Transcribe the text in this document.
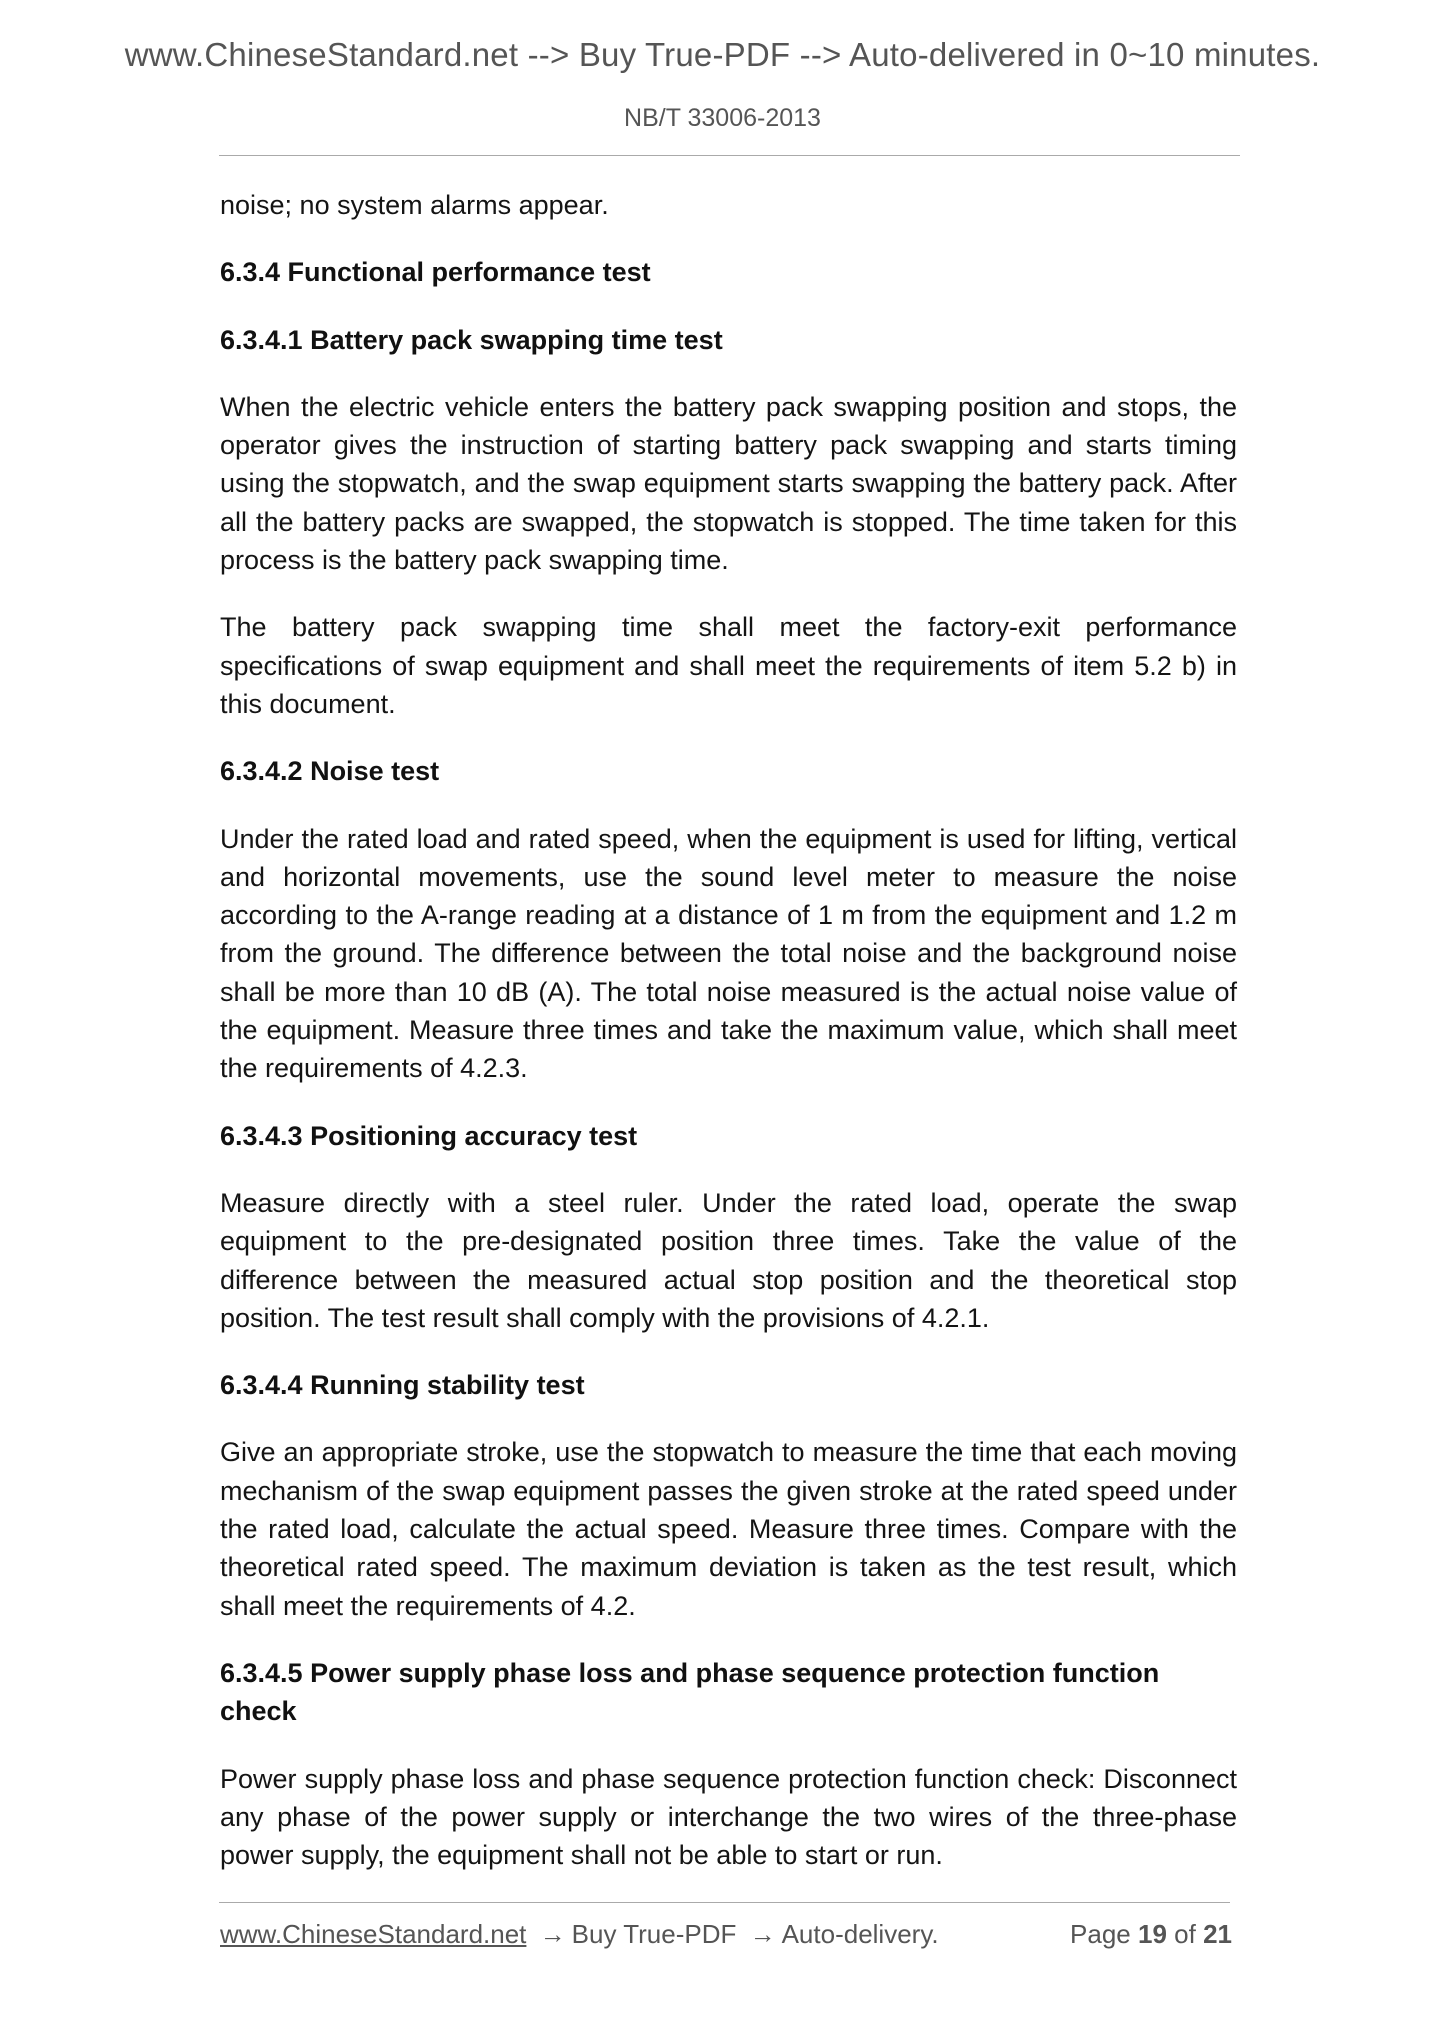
www.ChineseStandard.net --> Buy True-PDF --> Auto-delivered in 0~10 minutes.
NB/T 33006-2013

noise; no system alarms appear.

6.3.4 Functional performance test
6.3.4.1 Battery pack swapping time test

When the electric vehicle enters the battery pack swapping position and stops, the operator gives the instruction of starting battery pack swapping and starts timing using the stopwatch, and the swap equipment starts swapping the battery pack. After all the battery packs are swapped, the stopwatch is stopped. The time taken for this process is the battery pack swapping time.

The battery pack swapping time shall meet the factory-exit performance specifications of swap equipment and shall meet the requirements of item 5.2 b) in this document.

6.3.4.2 Noise test

Under the rated load and rated speed, when the equipment is used for lifting, vertical and horizontal movements, use the sound level meter to measure the noise according to the A-range reading at a distance of 1 m from the equipment and 1.2 m from the ground. The difference between the total noise and the background noise shall be more than 10 dB (A). The total noise measured is the actual noise value of the equipment. Measure three times and take the maximum value, which shall meet the requirements of 4.2.3.

6.3.4.3 Positioning accuracy test

Measure directly with a steel ruler. Under the rated load, operate the swap equipment to the pre-designated position three times. Take the value of the difference between the measured actual stop position and the theoretical stop position. The test result shall comply with the provisions of 4.2.1.

6.3.4.4 Running stability test

Give an appropriate stroke, use the stopwatch to measure the time that each moving mechanism of the swap equipment passes the given stroke at the rated speed under the rated load, calculate the actual speed. Measure three times. Compare with the theoretical rated speed. The maximum deviation is taken as the test result, which shall meet the requirements of 4.2.

6.3.4.5 Power supply phase loss and phase sequence protection function check

Power supply phase loss and phase sequence protection function check: Disconnect any phase of the power supply or interchange the two wires of the three-phase power supply, the equipment shall not be able to start or run.

www.ChineseStandard.net → Buy True-PDF → Auto-delivery.	Page 19 of 21
